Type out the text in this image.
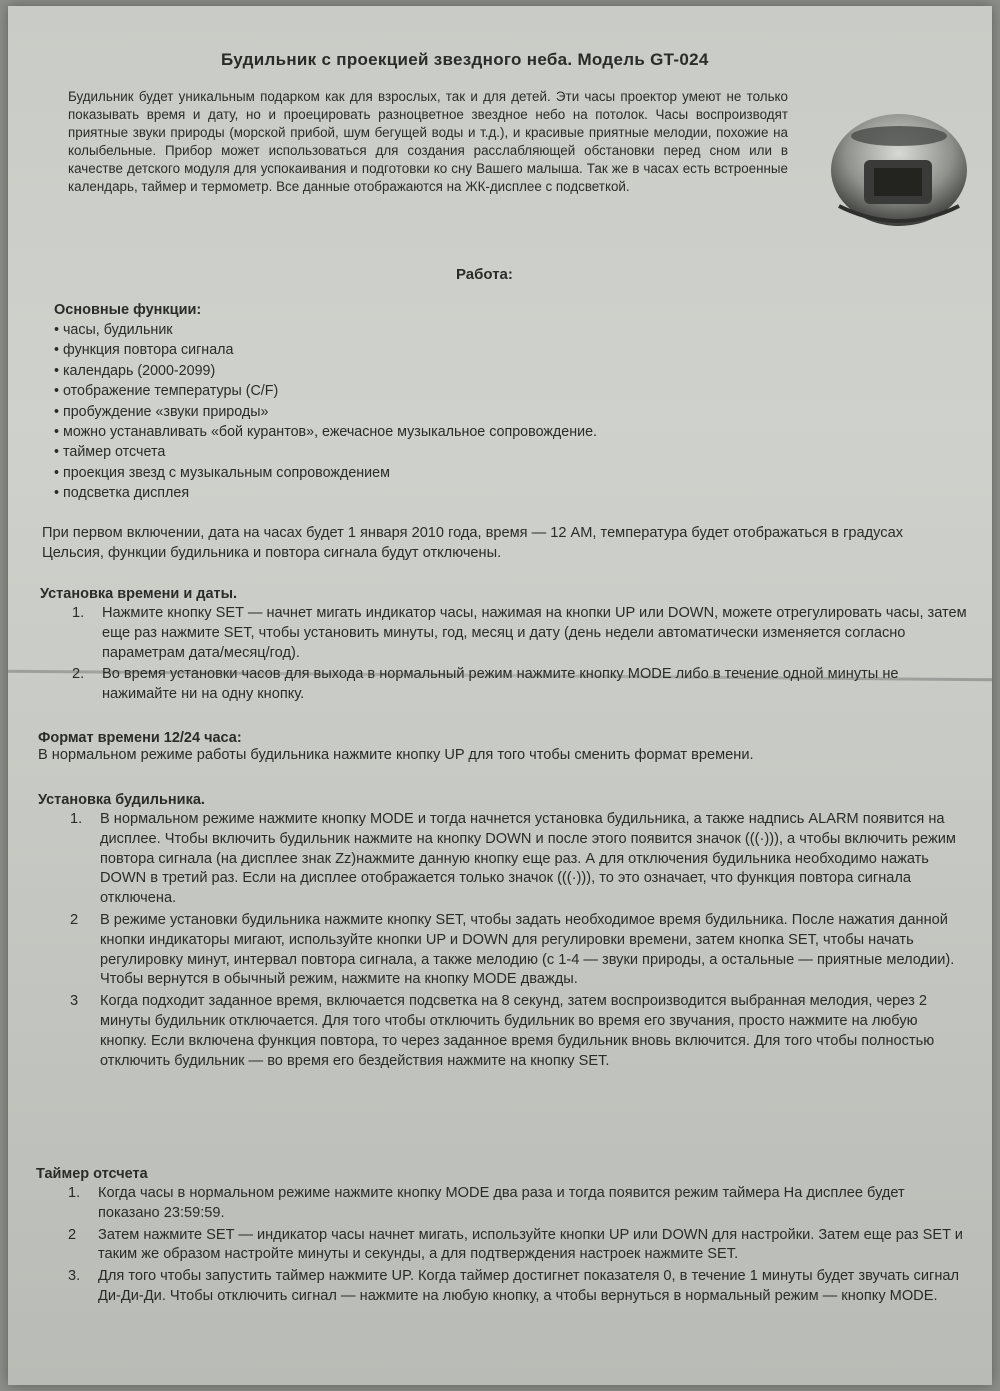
Будильник с проекцией звездного неба. Модель GT-024

Будильник будет уникальным подарком как для взрослых, так и для детей. Эти часы проектор умеют не только показывать время и дату, но и проецировать разноцветное звездное небо на потолок. Часы воспроизводят приятные звуки природы (морской прибой, шум бегущей воды и т.д.), и красивые приятные мелодии, похожие на колыбельные. Прибор может использоваться для создания расслабляющей обстановки перед сном или в качестве детского модуля для успокаивания и подготовки ко сну Вашего малыша. Так же в часах есть встроенные календарь, таймер и термометр. Все данные отображаются на ЖК-дисплее с подсветкой.

Работа:

Основные функции:

• часы, будильник
• функция повтора сигнала
• календарь (2000-2099)
• отображение температуры (C/F)
• пробуждение «звуки природы»
• можно устанавливать «бой курантов», ежечасное музыкальное сопровождение.
• таймер отсчета
• проекция звезд с музыкальным сопровождением
• подсветка дисплея

При первом включении, дата на часах будет 1 января 2010 года, время — 12 AM, температура будет отображаться в градусах Цельсия, функции будильника и повтора сигнала будут отключены.

Установка времени и даты.

1.	Нажмите кнопку SET — начнет мигать индикатор часы, нажимая на кнопки UP или DOWN, можете отрегулировать часы, затем еще раз нажмите SET, чтобы установить минуты, год, месяц и дату (день недели автоматически изменяется согласно параметрам дата/месяц/год).
2.	Во время установки часов для выхода в нормальный режим нажмите кнопку MODE либо в течение одной минуты не нажимайте ни на одну кнопку.

Формат времени 12/24 часа:

В нормальном режиме работы будильника нажмите кнопку UP для того чтобы сменить формат времени.

Установка будильника.

1.	В нормальном режиме нажмите кнопку MODE и тогда начнется установка будильника, а также надпись ALARM появится на дисплее. Чтобы включить будильник нажмите на кнопку DOWN и после этого появится значок (((·))), а чтобы включить режим повтора сигнала (на дисплее знак Zz)нажмите данную кнопку еще раз. А для отключения будильника необходимо нажать DOWN в третий раз. Если на дисплее отображается только значок (((·))), то это означает, что функция повтора сигнала отключена.
2	В режиме установки будильника нажмите кнопку SET, чтобы задать необходимое время будильника. После нажатия данной кнопки индикаторы мигают, используйте кнопки UP и DOWN для регулировки времени, затем кнопка SET, чтобы начать регулировку минут, интервал повтора сигнала, а также мелодию (с 1-4 — звуки природы, а остальные — приятные мелодии). Чтобы вернутся в обычный режим, нажмите на кнопку MODE дважды.
3	Когда подходит заданное время, включается подсветка на 8 секунд, затем воспроизводится выбранная мелодия, через 2 минуты будильник отключается. Для того чтобы отключить будильник во время его звучания, просто нажмите на любую кнопку. Если включена функция повтора, то через заданное время будильник вновь включится. Для того чтобы полностью отключить будильник — во время его бездействия нажмите на кнопку SET.

Таймер отсчета

1.	Когда часы в нормальном режиме нажмите кнопку MODE два раза и тогда появится режим таймера На дисплее будет показано 23:59:59.
2	Затем нажмите SET — индикатор часы начнет мигать, используйте кнопки UP или DOWN для настройки. Затем еще раз SET и таким же образом настройте минуты и секунды, а для подтверждения настроек нажмите SET.
3.	Для того чтобы запустить таймер нажмите UP. Когда таймер достигнет показателя 0, в течение 1 минуты будет звучать сигнал Ди-Ди-Ди. Чтобы отключить сигнал — нажмите на любую кнопку, а чтобы вернуться в нормальный режим — кнопку MODE.
